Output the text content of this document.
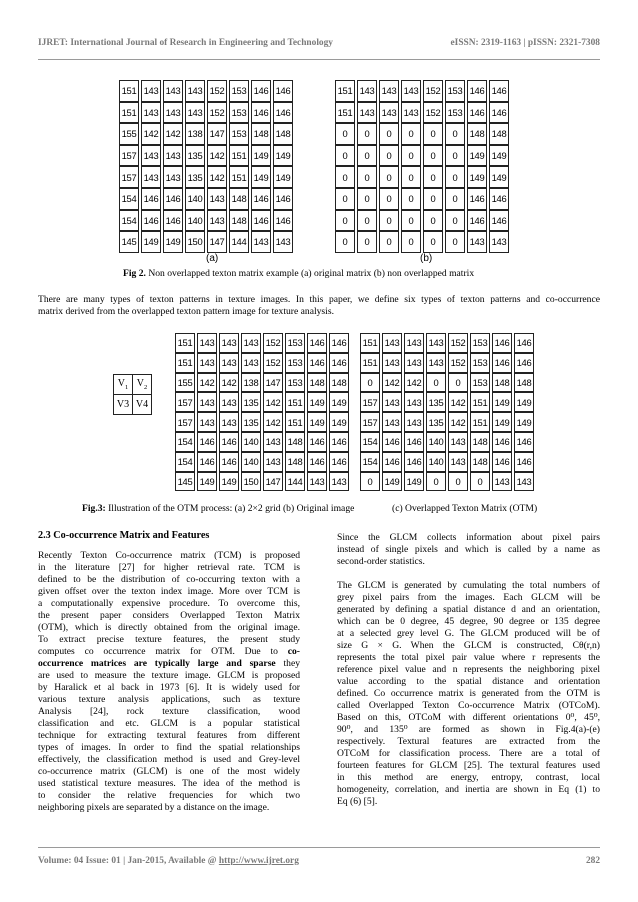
IJRET: International Journal of Research in Engineering and Technology	eISSN: 2319-1163 | pISSN: 2321-7308
151	143	143	143	152	153	146	146
151	143	143	143	152	153	146	146
155	142	142	138	147	153	148	148
157	143	143	135	142	151	149	149
157	143	143	135	142	151	149	149
154	146	146	140	143	148	146	146
154	146	146	140	143	148	146	146
145	149	149	150	147	144	143	143
151	143	143	143	152	153	146	146
151	143	143	143	152	153	146	146
0	0	0	0	0	0	148	148
0	0	0	0	0	0	149	149
0	0	0	0	0	0	149	149
0	0	0	0	0	0	146	146
0	0	0	0	0	0	146	146
0	0	0	0	0	0	143	143
(a)	(b)
Fig 2. Non overlapped texton matrix example (a) original matrix (b) non overlapped matrix
There are many types of texton patterns in texture images. In this paper, we define six types of texton patterns and co-occurrence
matrix derived from the overlapped texton pattern image for texture analysis.
$V_1$	$V_2$
V3	V4
151	143	143	143	152	153	146	146
151	143	143	143	152	153	146	146
155	142	142	138	147	153	148	148
157	143	143	135	142	151	149	149
157	143	143	135	142	151	149	149
154	146	146	140	143	148	146	146
154	146	146	140	143	148	146	146
145	149	149	150	147	144	143	143
151	143	143	143	152	153	146	146
151	143	143	143	152	153	146	146
0	142	142	0	0	153	148	148
157	143	143	135	142	151	149	149
157	143	143	135	142	151	149	149
154	146	146	140	143	148	146	146
154	146	146	140	143	148	146	146
0	149	149	0	0	0	143	143
Fig.3: Illustration of the OTM process: (a) 2×2 grid (b) Original image	(c) Overlapped Texton Matrix (OTM)
2.3 Co-occurrence Matrix and Features
Recently Texton Co-occurrence matrix (TCM) is proposed
in the literature [27] for higher retrieval rate. TCM is
defined to be the distribution of co-occurring texton with a
given offset over the texton index image. More over TCM is
a computationally expensive procedure. To overcome this,
the present paper considers Overlapped Texton Matrix
(OTM), which is directly obtained from the original image.
To extract precise texture features, the present study
computes co occurrence matrix for OTM. Due to co-
occurrence matrices are typically large and sparse they
are used to measure the texture image. GLCM is proposed
by Haralick et al back in 1973 [6]. It is widely used for
various texture analysis applications, such as texture
Analysis [24], rock texture classification, wood
classification and etc. GLCM is a popular statistical
technique for extracting textural features from different
types of images. In order to find the spatial relationships
effectively, the classification method is used and Grey-level
co-occurrence matrix (GLCM) is one of the most widely
used statistical texture measures. The idea of the method is
to consider the relative frequencies for which two
neighboring pixels are separated by a distance on the image.
Since the GLCM collects information about pixel pairs
instead of single pixels and which is called by a name as
second-order statistics.
The GLCM is generated by cumulating the total numbers of
grey pixel pairs from the images. Each GLCM will be
generated by defining a spatial distance d and an orientation,
which can be 0 degree, 45 degree, 90 degree or 135 degree
at a selected grey level G. The GLCM produced will be of
size G × G. When the GLCM is constructed, Cθ(r,n)
represents the total pixel pair value where r represents the
reference pixel value and n represents the neighboring pixel
value according to the spatial distance and orientation
defined. Co occurrence matrix is generated from the OTM is
called Overlapped Texton Co-occurrence Matrix (OTCoM).
Based on this, OTCoM with different orientations 0⁰, 45⁰,
90⁰, and 135⁰ are formed as shown in Fig.4(a)-(e)
respectively. Textural features are extracted from the
OTCoM for classification process. There are a total of
fourteen features for GLCM [25]. The textural features used
in this method are energy, entropy, contrast, local
homogeneity, correlation, and inertia are shown in Eq (1) to
Eq (6) [5].
Volume: 04 Issue: 01 | Jan-2015, Available @ http://www.ijret.org	282
